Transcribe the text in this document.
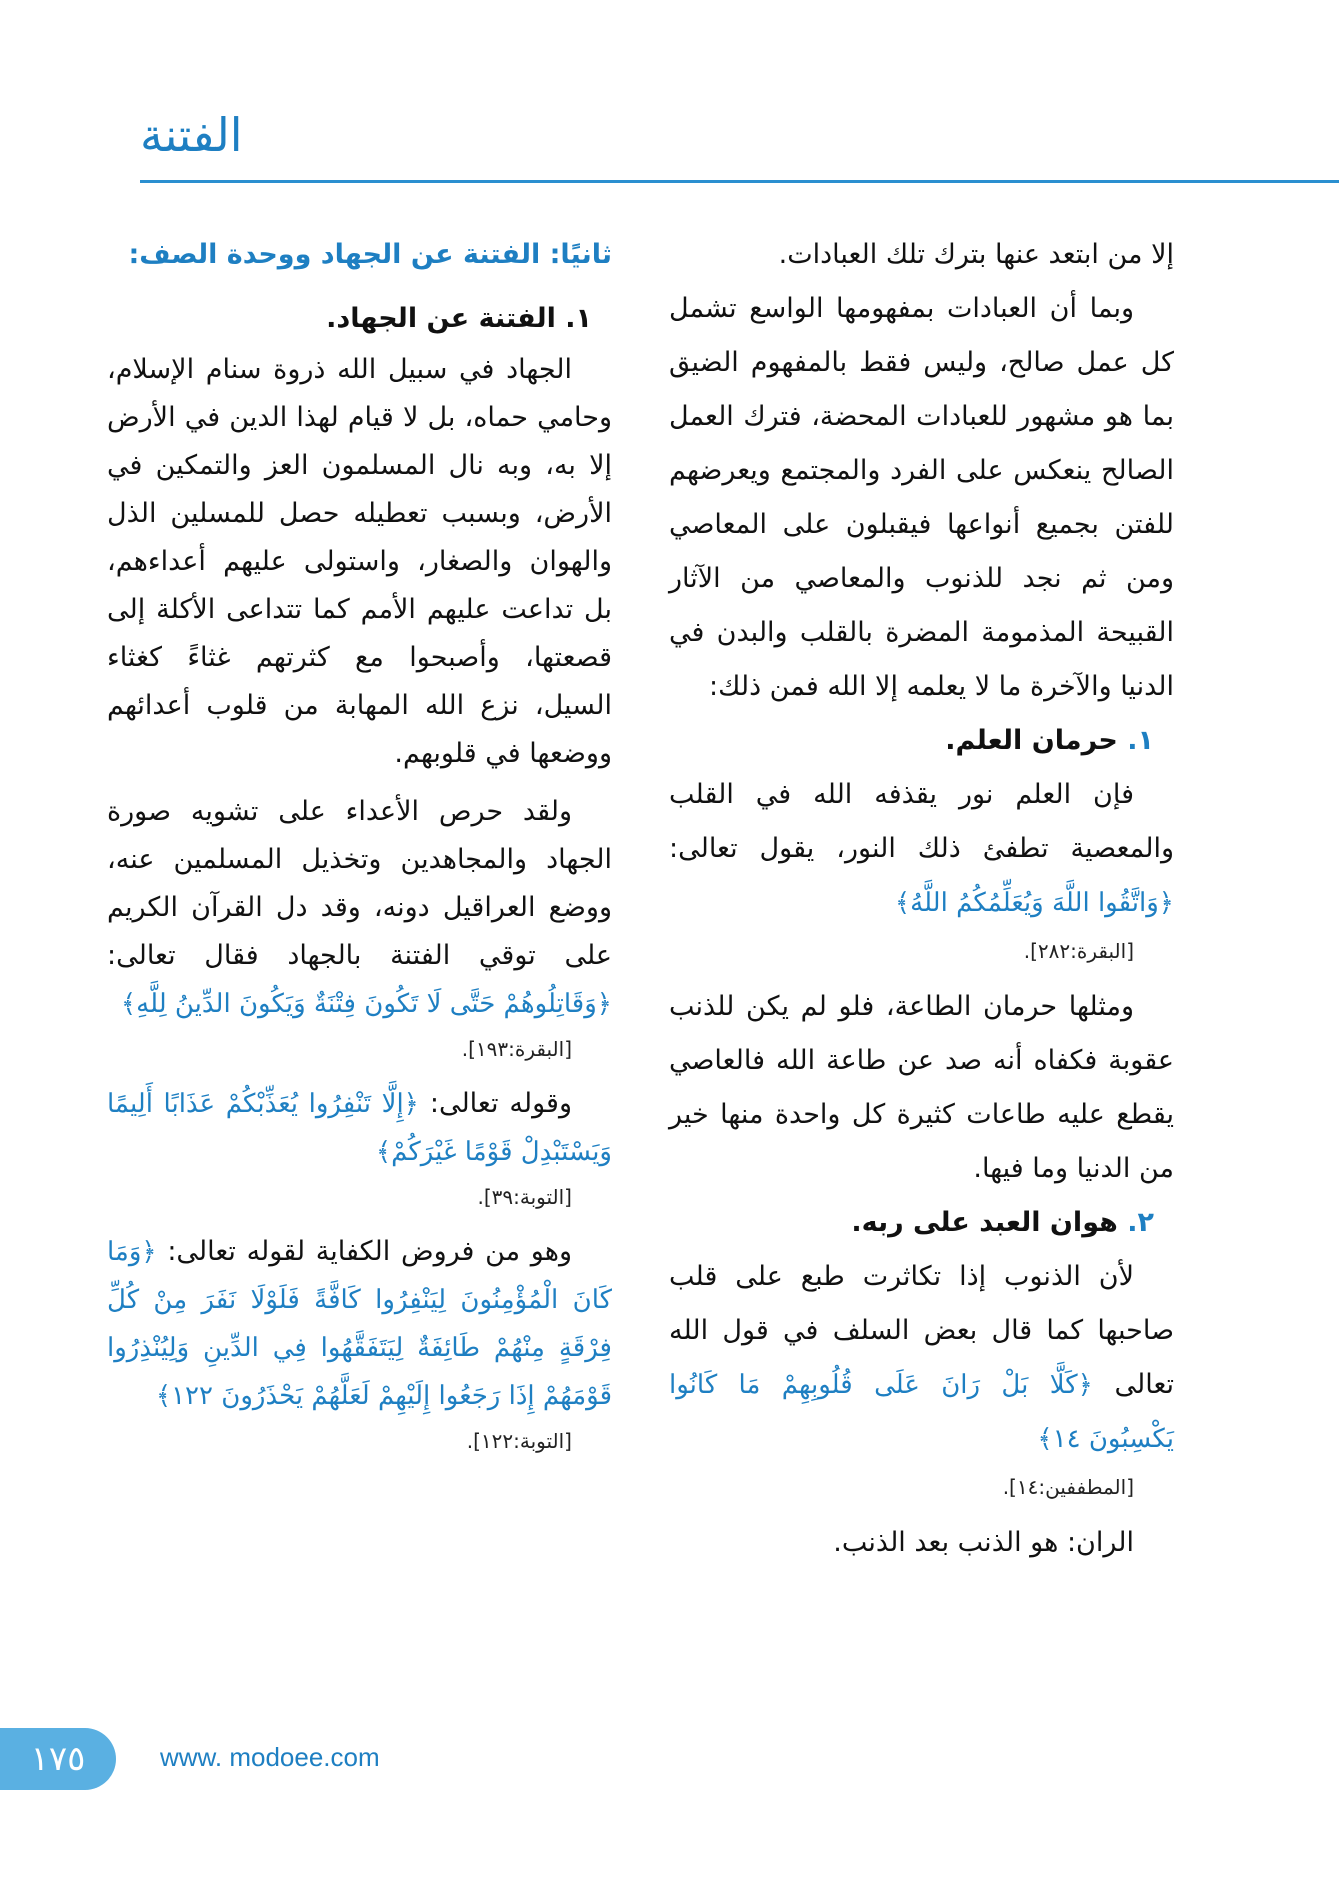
الفتنة

إلا من ابتعد عنها بترك تلك العبادات.

وبما أن العبادات بمفهومها الواسع تشمل كل عمل صالح، وليس فقط بالمفهوم الضيق بما هو مشهور للعبادات المحضة، فترك العمل الصالح ينعكس على الفرد والمجتمع ويعرضهم للفتن بجميع أنواعها فيقبلون على المعاصي ومن ثم نجد للذنوب والمعاصي من الآثار القبيحة المذمومة المضرة بالقلب والبدن في الدنيا والآخرة ما لا يعلمه إلا الله فمن ذلك:

١. حرمان العلم.

فإن العلم نور يقذفه الله في القلب والمعصية تطفئ ذلك النور، يقول تعالى: ﴿وَاتَّقُوا اللَّهَ وَيُعَلِّمُكُمُ اللَّهُ﴾
[البقرة:٢٨٢].

ومثلها حرمان الطاعة، فلو لم يكن للذنب عقوبة فكفاه أنه صد عن طاعة الله فالعاصي يقطع عليه طاعات كثيرة كل واحدة منها خير من الدنيا وما فيها.

٢. هوان العبد على ربه.

لأن الذنوب إذا تكاثرت طبع على قلب صاحبها كما قال بعض السلف في قول الله تعالى ﴿كَلَّا بَلْ رَانَ عَلَى قُلُوبِهِمْ مَا كَانُوا يَكْسِبُونَ ١٤﴾
[المطففين:١٤].

الران: هو الذنب بعد الذنب.

ثانيًا: الفتنة عن الجهاد ووحدة الصف:

١. الفتنة عن الجهاد.

الجهاد في سبيل الله ذروة سنام الإسلام، وحامي حماه، بل لا قيام لهذا الدين في الأرض إلا به، وبه نال المسلمون العز والتمكين في الأرض، وبسبب تعطيله حصل للمسلين الذل والهوان والصغار، واستولى عليهم أعداءهم، بل تداعت عليهم الأمم كما تتداعى الأكلة إلى قصعتها، وأصبحوا مع كثرتهم غثاءً كغثاء السيل، نزع الله المهابة من قلوب أعدائهم ووضعها في قلوبهم.

ولقد حرص الأعداء على تشويه صورة الجهاد والمجاهدين وتخذيل المسلمين عنه، ووضع العراقيل دونه، وقد دل القرآن الكريم على توقي الفتنة بالجهاد فقال تعالى: ﴿وَقَاتِلُوهُمْ حَتَّى لَا تَكُونَ فِتْنَةٌ وَيَكُونَ الدِّينُ لِلَّهِ﴾
[البقرة:١٩٣].

وقوله تعالى: ﴿إِلَّا تَنْفِرُوا يُعَذِّبْكُمْ عَذَابًا أَلِيمًا وَيَسْتَبْدِلْ قَوْمًا غَيْرَكُمْ﴾
[التوبة:٣٩].

وهو من فروض الكفاية لقوله تعالى: ﴿وَمَا كَانَ الْمُؤْمِنُونَ لِيَنْفِرُوا كَافَّةً فَلَوْلَا نَفَرَ مِنْ كُلِّ فِرْقَةٍ مِنْهُمْ طَائِفَةٌ لِيَتَفَقَّهُوا فِي الدِّينِ وَلِيُنْذِرُوا قَوْمَهُمْ إِذَا رَجَعُوا إِلَيْهِمْ لَعَلَّهُمْ يَحْذَرُونَ ١٢٢﴾
[التوبة:١٢٢].

١٧٥	www. modoee.com
